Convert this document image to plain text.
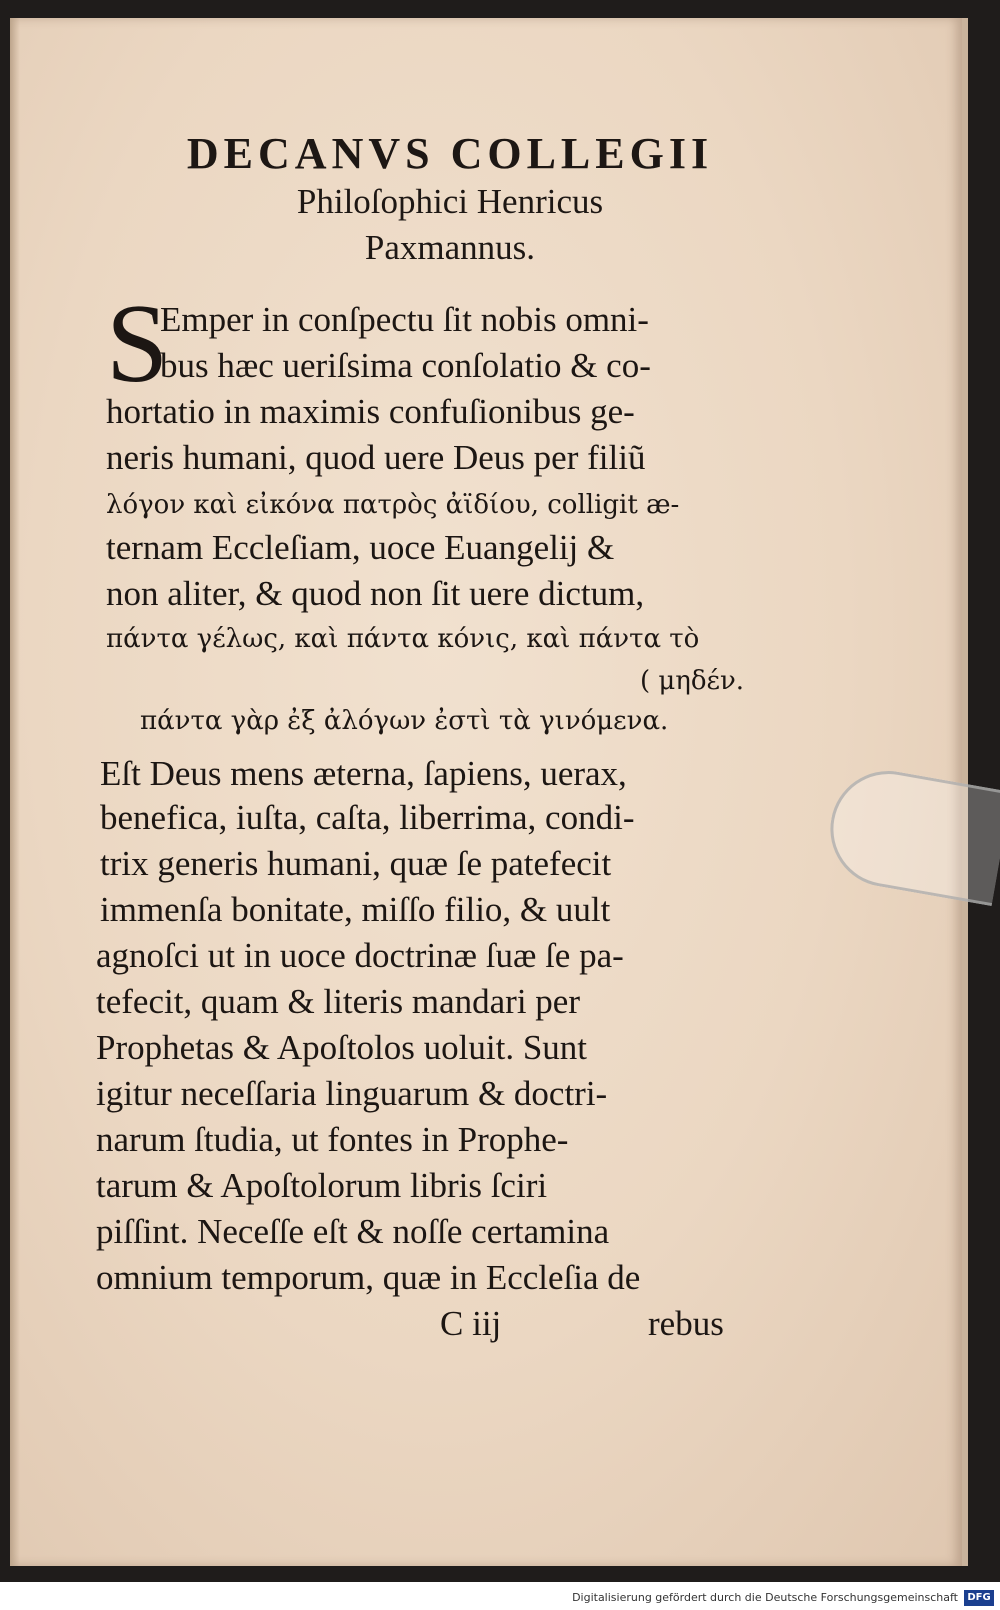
DECANVS COLLEGII
Philoſophici Henricus
Paxmannus.
S

Emper in conſpectu ſit nobis omni-

bus hæc ueriſsima conſolatio & co-

hortatio in maximis confuſionibus ge-

neris humani, quod uere Deus per filiũ

λόγον καὶ εἰκόνα πατρὸς ἀϊδίου, colligit æ-

ternam Eccleſiam, uoce Euangelij &

non aliter, & quod non ſit uere dictum,

πάντα γέλως, καὶ πάντα κόνις, καὶ πάντα τὸ

( μηδέν.

πάντα γὰρ ἐξ ἀλόγων ἐστὶ τὰ γινόμενα.

Eſt Deus mens æterna, ſapiens, uerax,

benefica, iuſta, caſta, liberrima, condi-

trix generis humani, quæ ſe patefecit

immenſa bonitate, miſſo filio, & uult

agnoſci ut in uoce doctrinæ ſuæ ſe pa-

tefecit, quam & literis mandari per

Prophetas & Apoſtolos uoluit. Sunt

igitur neceſſaria linguarum & doctri-

narum ſtudia, ut fontes in Prophe-

tarum & Apoſtolorum libris ſciri

piſſint. Neceſſe eſt & noſſe certamina

omnium temporum, quæ in Eccleſia de

C iij	rebus

Digitalisierung gefördert durch die Deutsche Forschungsgemeinschaft DFG
